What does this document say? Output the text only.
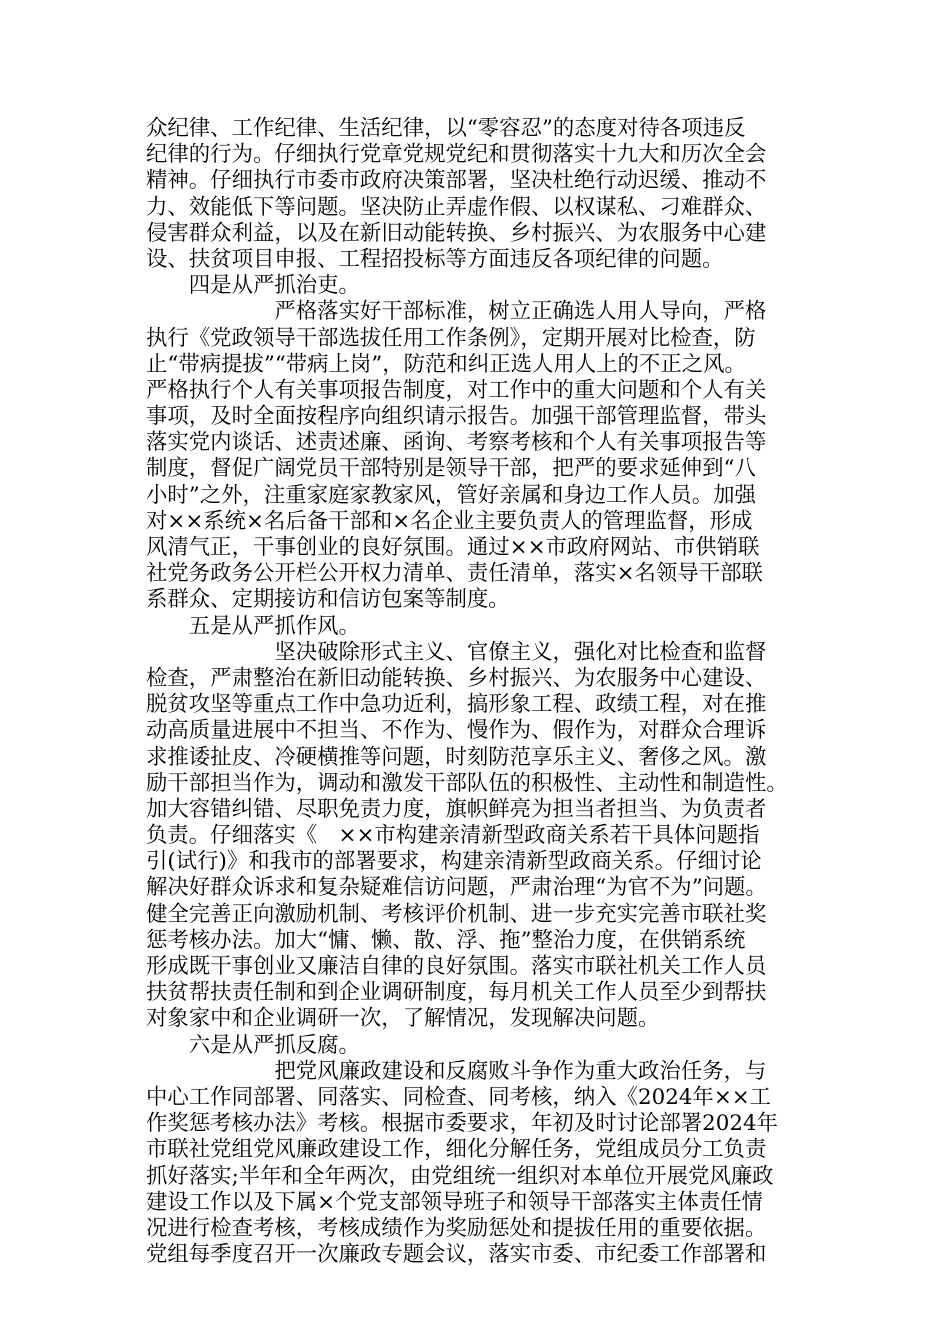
众纪律、工作纪律、生活纪律，以“零容忍”的态度对待各项违反
纪律的行为。仔细执行党章党规党纪和贯彻落实十九大和历次全会
精神。仔细执行市委市政府决策部署，坚决杜绝行动迟缓、推动不
力、效能低下等问题。坚决防止弄虚作假、以权谋私、刁难群众、
侵害群众利益，以及在新旧动能转换、乡村振兴、为农服务中心建
设、扶贫项目申报、工程招投标等方面违反各项纪律的问题。
四是从严抓治吏。
严格落实好干部标准，树立正确选人用人导向，严格
执行《党政领导干部选拔任用工作条例》，定期开展对比检查，防
止“带病提拔”“带病上岗”，防范和纠正选人用人上的不正之风。
严格执行个人有关事项报告制度，对工作中的重大问题和个人有关
事项，及时全面按程序向组织请示报告。加强干部管理监督，带头
落实党内谈话、述责述廉、函询、考察考核和个人有关事项报告等
制度，督促广阔党员干部特别是领导干部，把严的要求延伸到“八
小时”之外，注重家庭家教家风，管好亲属和身边工作人员。加强
对××系统×名后备干部和×名企业主要负责人的管理监督，形成
风清气正，干事创业的良好氛围。通过××市政府网站、市供销联
社党务政务公开栏公开权力清单、责任清单，落实×名领导干部联
系群众、定期接访和信访包案等制度。
五是从严抓作风。
坚决破除形式主义、官僚主义，强化对比检查和监督
检查，严肃整治在新旧动能转换、乡村振兴、为农服务中心建设、
脱贫攻坚等重点工作中急功近利，搞形象工程、政绩工程，对在推
动高质量进展中不担当、不作为、慢作为、假作为，对群众合理诉
求推诿扯皮、冷硬横推等问题，时刻防范享乐主义、奢侈之风。激
励干部担当作为，调动和激发干部队伍的积极性、主动性和制造性。
加大容错纠错、尽职免责力度，旗帜鲜亮为担当者担当、为负责者
负责。仔细落实《　××市构建亲清新型政商关系若干具体问题指
引(试行)》和我市的部署要求，构建亲清新型政商关系。仔细讨论
解决好群众诉求和复杂疑难信访问题，严肃治理“为官不为”问题。
健全完善正向激励机制、考核评价机制、进一步充实完善市联社奖
惩考核办法。加大“慵、懒、散、浮、拖”整治力度，在供销系统
形成既干事创业又廉洁自律的良好氛围。落实市联社机关工作人员
扶贫帮扶责任制和到企业调研制度，每月机关工作人员至少到帮扶
对象家中和企业调研一次，了解情况，发现解决问题。
六是从严抓反腐。
把党风廉政建设和反腐败斗争作为重大政治任务，与
中心工作同部署、同落实、同检查、同考核，纳入《2024年××工
作奖惩考核办法》考核。根据市委要求，年初及时讨论部署2024年
市联社党组党风廉政建设工作，细化分解任务，党组成员分工负责
抓好落实;半年和全年两次，由党组统一组织对本单位开展党风廉政
建设工作以及下属×个党支部领导班子和领导干部落实主体责任情
况进行检查考核，考核成绩作为奖励惩处和提拔任用的重要依据。
党组每季度召开一次廉政专题会议，落实市委、市纪委工作部署和
